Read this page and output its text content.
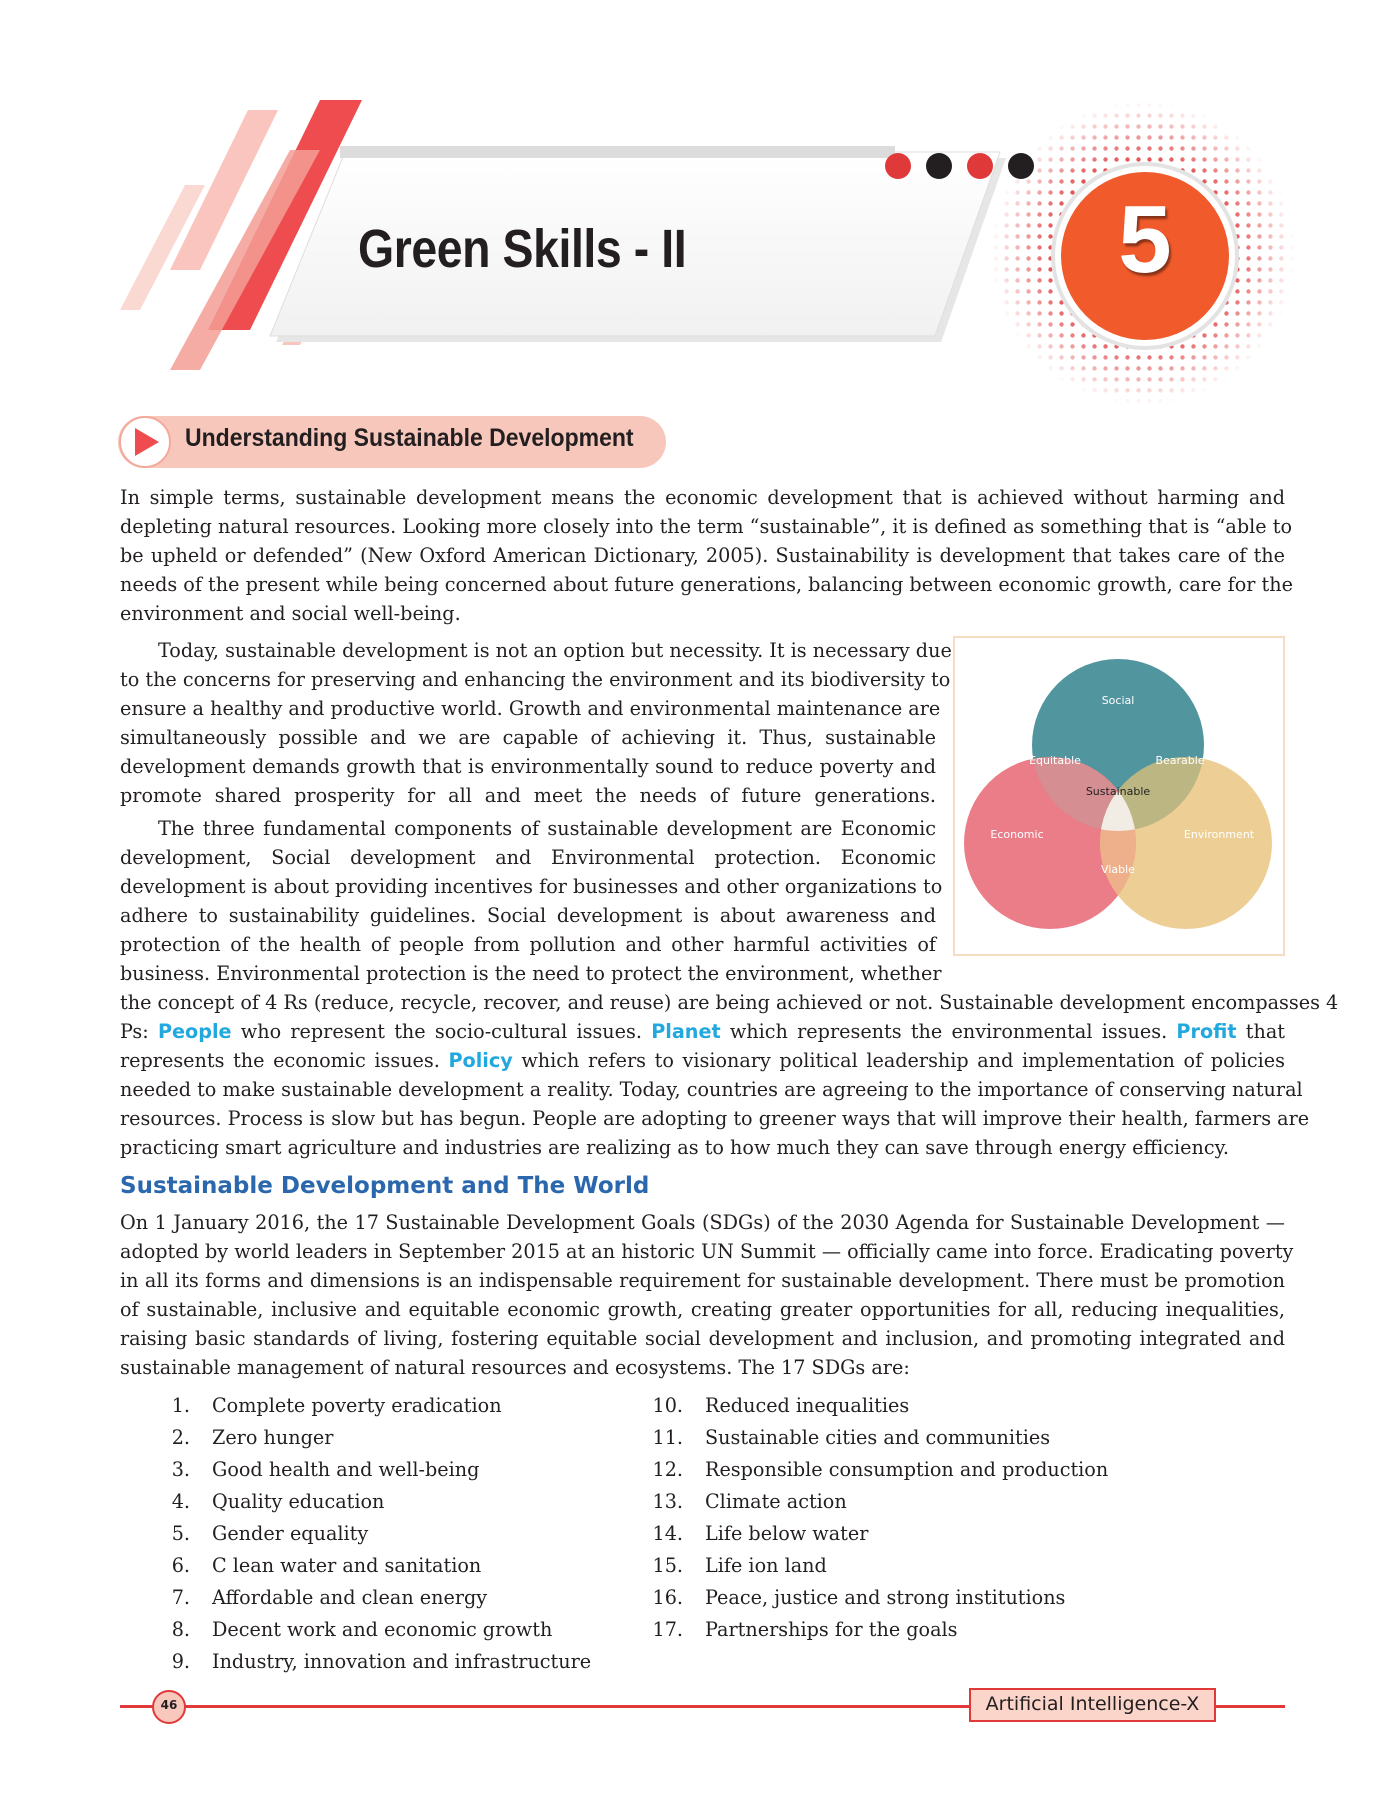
Green Skills - II	5
Understanding Sustainable Development
In simple terms, sustainable development means the economic development that is achieved without harming and
depleting natural resources. Looking more closely into the term “sustainable”, it is defined as something that is “able to
be upheld or defended” (New Oxford American Dictionary, 2005). Sustainability is development that takes care of the
needs of the present while being concerned about future generations, balancing between economic growth, care for the
environment and social well-being.
Today, sustainable development is not an option but necessity. It is necessary due
to the concerns for preserving and enhancing the environment and its biodiversity to
ensure a healthy and productive world. Growth and environmental maintenance are
simultaneously possible and we are capable of achieving it. Thus, sustainable
development demands growth that is environmentally sound to reduce poverty and
promote shared prosperity for all and meet the needs of future generations.
The three fundamental components of sustainable development are Economic
development, Social development and Environmental protection. Economic
development is about providing incentives for businesses and other organizations to
adhere to sustainability guidelines. Social development is about awareness and
protection of the health of people from pollution and other harmful activities of
business. Environmental protection is the need to protect the environment, whether
the concept of 4 Rs (reduce, recycle, recover, and reuse) are being achieved or not. Sustainable development encompasses 4
Ps: People who represent the socio-cultural issues. Planet which represents the environmental issues. Profit that
represents the economic issues. Policy which refers to visionary political leadership and implementation of policies
needed to make sustainable development a reality. Today, countries are agreeing to the importance of conserving natural
resources. Process is slow but has begun. People are adopting to greener ways that will improve their health, farmers are
practicing smart agriculture and industries are realizing as to how much they can save through energy efficiency.
Social
Equitable	Bearable
Sustainable
Economic	Environment
Viable
Sustainable Development and The World
On 1 January 2016, the 17 Sustainable Development Goals (SDGs) of the 2030 Agenda for Sustainable Development —
adopted by world leaders in September 2015 at an historic UN Summit — officially came into force. Eradicating poverty
in all its forms and dimensions is an indispensable requirement for sustainable development. There must be promotion
of sustainable, inclusive and equitable economic growth, creating greater opportunities for all, reducing inequalities,
raising basic standards of living, fostering equitable social development and inclusion, and promoting integrated and
sustainable management of natural resources and ecosystems. The 17 SDGs are:
1. Complete poverty eradication
2. Zero hunger
3. Good health and well-being
4. Quality education
5. Gender equality
6. C lean water and sanitation
7. Affordable and clean energy
8. Decent work and economic growth
9. Industry, innovation and infrastructure
10. Reduced inequalities
11. Sustainable cities and communities
12. Responsible consumption and production
13. Climate action
14. Life below water
15. Life ion land
16. Peace, justice and strong institutions
17. Partnerships for the goals
46	Artificial Intelligence-X
